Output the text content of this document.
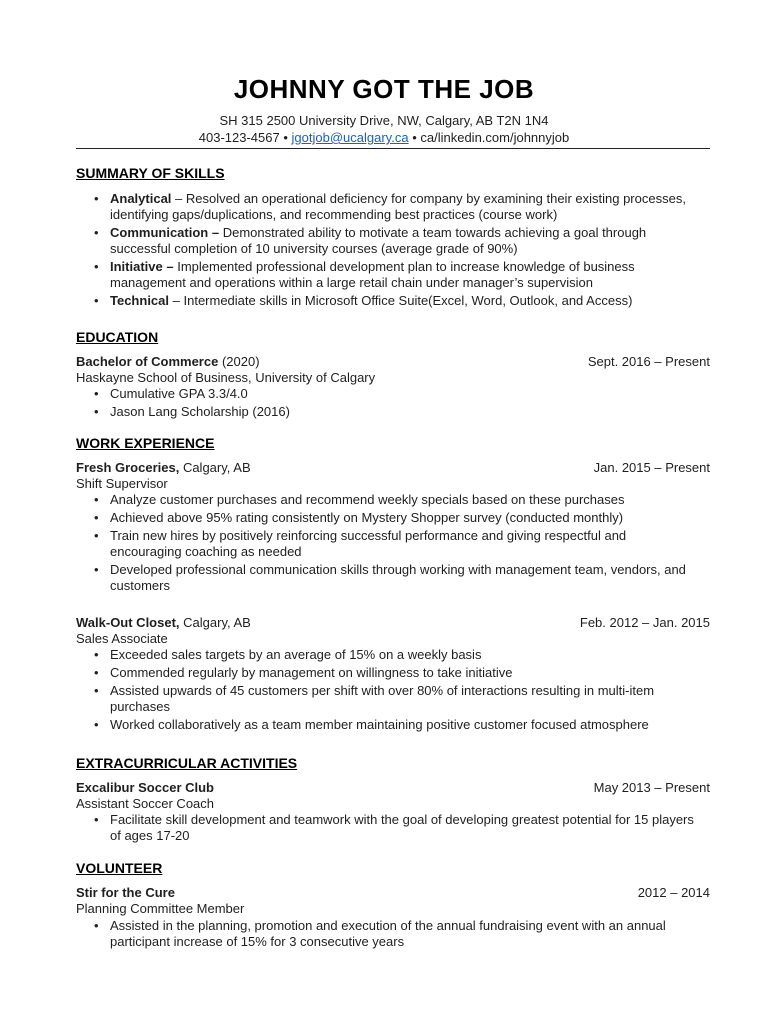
JOHNNY GOT THE JOB
SH 315 2500 University Drive, NW, Calgary, AB T2N 1N4
403-123-4567 • jgotjob@ucalgary.ca • ca/linkedin.com/johnnyjob
SUMMARY OF SKILLS
• Analytical – Resolved an operational deficiency for company by examining their existing processes, identifying gaps/duplications, and recommending best practices (course work)
• Communication – Demonstrated ability to motivate a team towards achieving a goal through successful completion of 10 university courses (average grade of 90%)
• Initiative – Implemented professional development plan to increase knowledge of business management and operations within a large retail chain under manager’s supervision
• Technical – Intermediate skills in Microsoft Office Suite(Excel, Word, Outlook, and Access)
EDUCATION
Bachelor of Commerce (2020)	Sept. 2016 – Present
Haskayne School of Business, University of Calgary
• Cumulative GPA 3.3/4.0
• Jason Lang Scholarship (2016)
WORK EXPERIENCE
Fresh Groceries, Calgary, AB	Jan. 2015 – Present
Shift Supervisor
• Analyze customer purchases and recommend weekly specials based on these purchases
• Achieved above 95% rating consistently on Mystery Shopper survey (conducted monthly)
• Train new hires by positively reinforcing successful performance and giving respectful and encouraging coaching as needed
• Developed professional communication skills through working with management team, vendors, and customers
Walk-Out Closet, Calgary, AB	Feb. 2012 – Jan. 2015
Sales Associate
• Exceeded sales targets by an average of 15% on a weekly basis
• Commended regularly by management on willingness to take initiative
• Assisted upwards of 45 customers per shift with over 80% of interactions resulting in multi-item purchases
• Worked collaboratively as a team member maintaining positive customer focused atmosphere
EXTRACURRICULAR ACTIVITIES
Excalibur Soccer Club	May 2013 – Present
Assistant Soccer Coach
• Facilitate skill development and teamwork with the goal of developing greatest potential for 15 players of ages 17-20
VOLUNTEER
Stir for the Cure	2012 – 2014
Planning Committee Member
• Assisted in the planning, promotion and execution of the annual fundraising event with an annual participant increase of 15% for 3 consecutive years
